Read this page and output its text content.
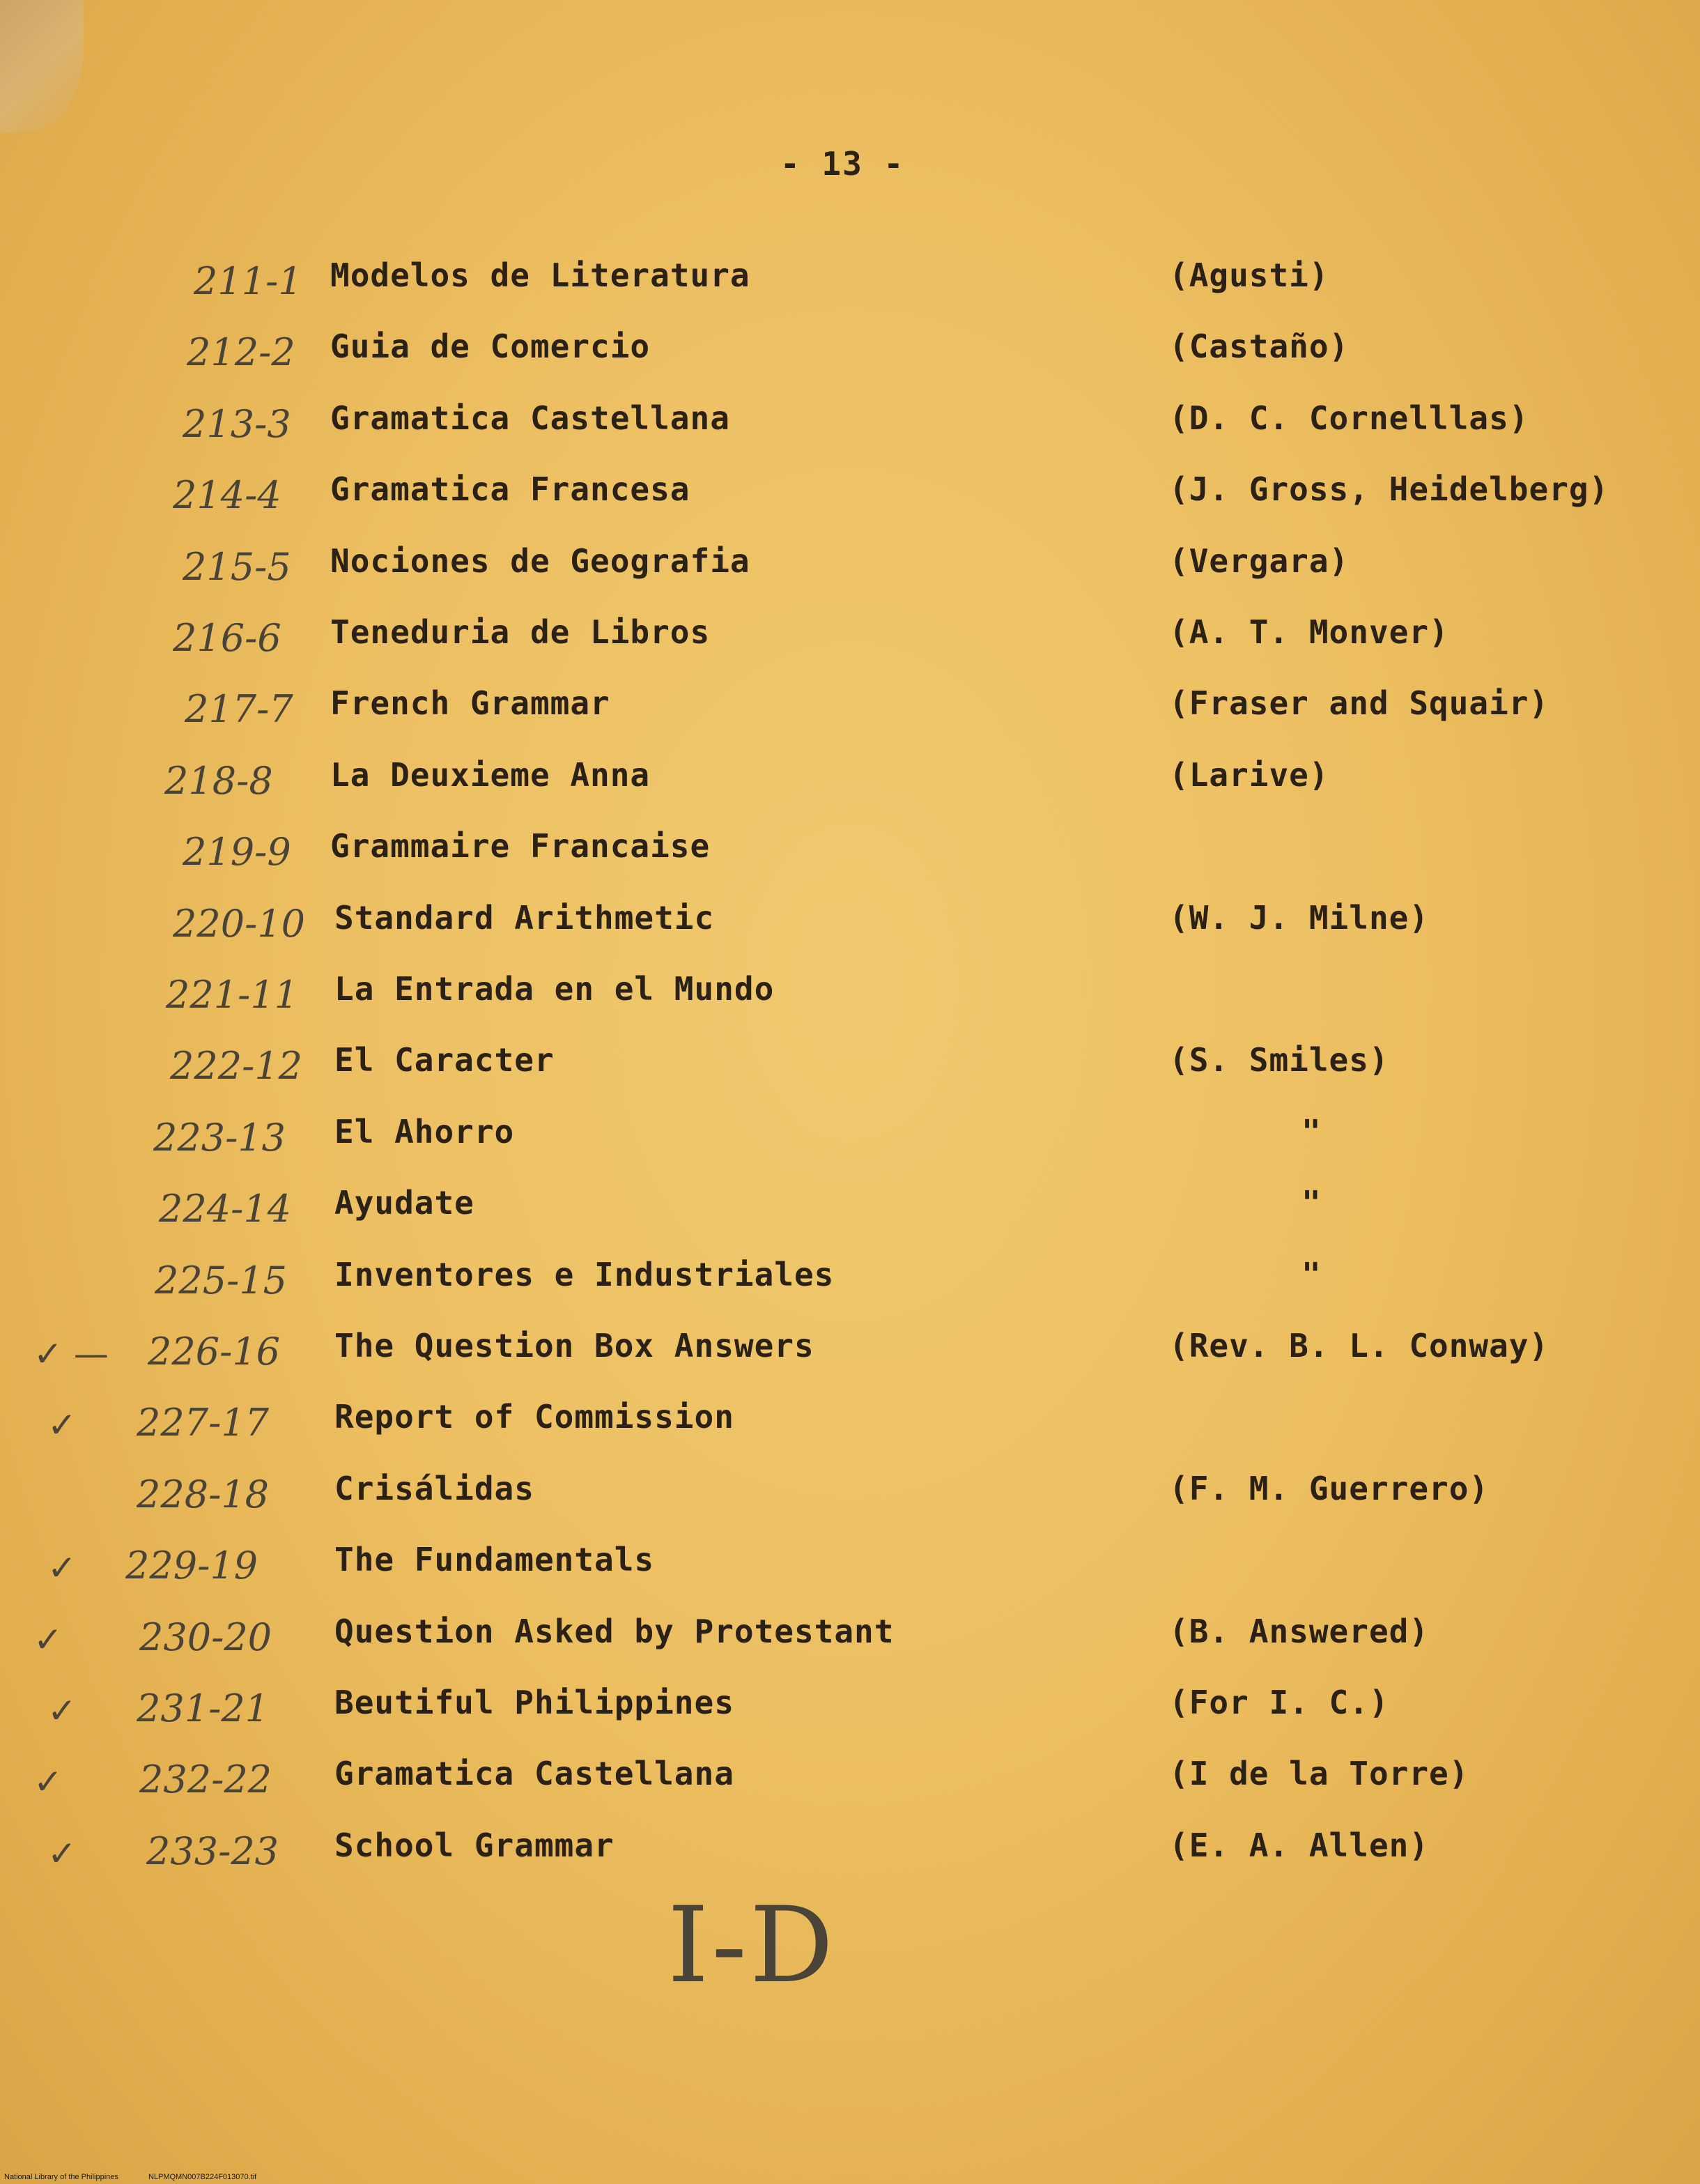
- 13 -
211-1 Modelos de Literatura	(Agusti)
212-2 Guia de Comercio	(Castaño)
213-3 Gramatica Castellana	(D. C. Cornelllas)
214-4 Gramatica Francesa	(J. Gross, Heidelberg)
215-5 Nociones de Geografia	(Vergara)
216-6 Teneduria de Libros	(A. T. Monver)
217-7 French Grammar	(Fraser and Squair)
218-8 La Deuxieme Anna	(Larive)
219-9 Grammaire Francaise
220-10 Standard Arithmetic	(W. J. Milne)
221-11 La Entrada en el Mundo
222-12 El Caracter	(S. Smiles)
223-13 El Ahorro	"
224-14 Ayudate	"
225-15 Inventores e Industriales	"
✓ — 226-16 The Question Box Answers	(Rev. B. L. Conway)
✓ 227-17 Report of Commission
228-18 Crisálidas	(F. M. Guerrero)
✓ 229-19 The Fundamentals
✓ 230-20 Question Asked by Protestant	(B. Answered)
✓ 231-21 Beutiful Philippines	(For I. C.)
✓ 232-22 Gramatica Castellana	(I de la Torre)
✓ 233-23 School Grammar	(E. A. Allen)
I-D
National Library of the Philippines	NLPMQMN007B224F013070.tif
